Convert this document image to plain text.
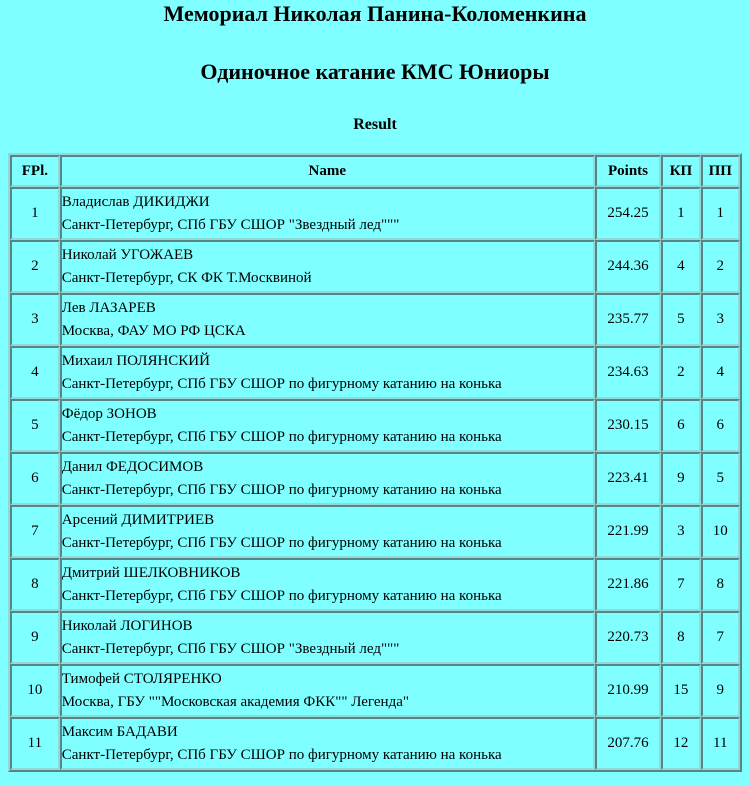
Мемориал Николая Панина-Коломенкина
Одиночное катание КМС Юниоры
Result
FPl.	Name	Points	КП	ПП
1	Владислав ДИКИДЖИ
Санкт-Петербург, СПб ГБУ СШОР "Звездный лед"""	254.25	1	1
2	Николай УГОЖАЕВ
Санкт-Петербург, СК ФК Т.Москвиной	244.36	4	2
3	Лев ЛАЗАРЕВ
Москва, ФАУ МО РФ ЦСКА	235.77	5	3
4	Михаил ПОЛЯНСКИЙ
Санкт-Петербург, СПб ГБУ СШОР по фигурному катанию на конька	234.63	2	4
5	Фёдор ЗОНОВ
Санкт-Петербург, СПб ГБУ СШОР по фигурному катанию на конька	230.15	6	6
6	Данил ФЕДОСИМОВ
Санкт-Петербург, СПб ГБУ СШОР по фигурному катанию на конька	223.41	9	5
7	Арсений ДИМИТРИЕВ
Санкт-Петербург, СПб ГБУ СШОР по фигурному катанию на конька	221.99	3	10
8	Дмитрий ШЕЛКОВНИКОВ
Санкт-Петербург, СПб ГБУ СШОР по фигурному катанию на конька	221.86	7	8
9	Николай ЛОГИНОВ
Санкт-Петербург, СПб ГБУ СШОР "Звездный лед"""	220.73	8	7
10	Тимофей СТОЛЯРЕНКО
Москва, ГБУ ""Московская академия ФКК"" Легенда"	210.99	15	9
11	Максим БАДАВИ
Санкт-Петербург, СПб ГБУ СШОР по фигурному катанию на конька	207.76	12	11
